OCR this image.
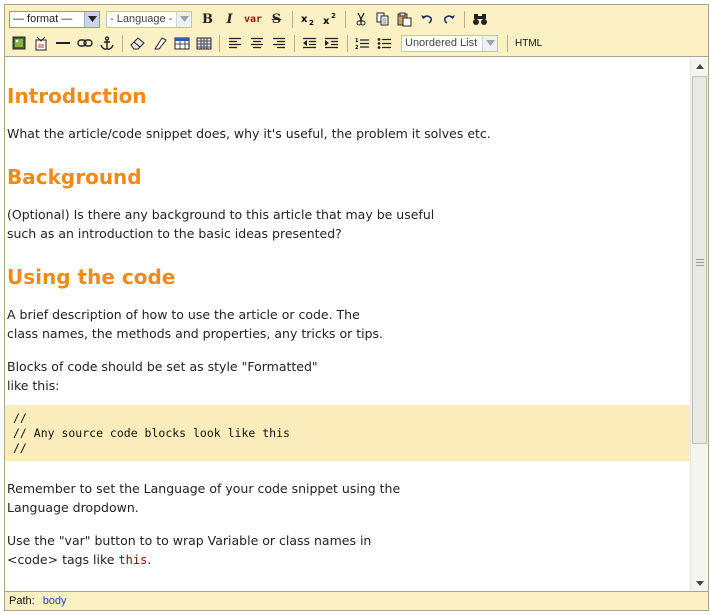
— format —	- Language - B I var S x 2 x 2
1
2	Unordered List	HTML
Introduction

What the article/code snippet does, why it's useful, the problem it solves etc.

Background

(Optional) Is there any background to this article that may be useful

such as an introduction to the basic ideas presented?

Using the code

A brief description of how to use the article or code. The

class names, the methods and properties, any tricks or tips.

Blocks of code should be set as style "Formatted"

like this:

//
// Any source code blocks look like this
//

Remember to set the Language of your code snippet using the

Language dropdown.

Use the "var" button to to wrap Variable or class names in

<code> tags like this.

Path: body
